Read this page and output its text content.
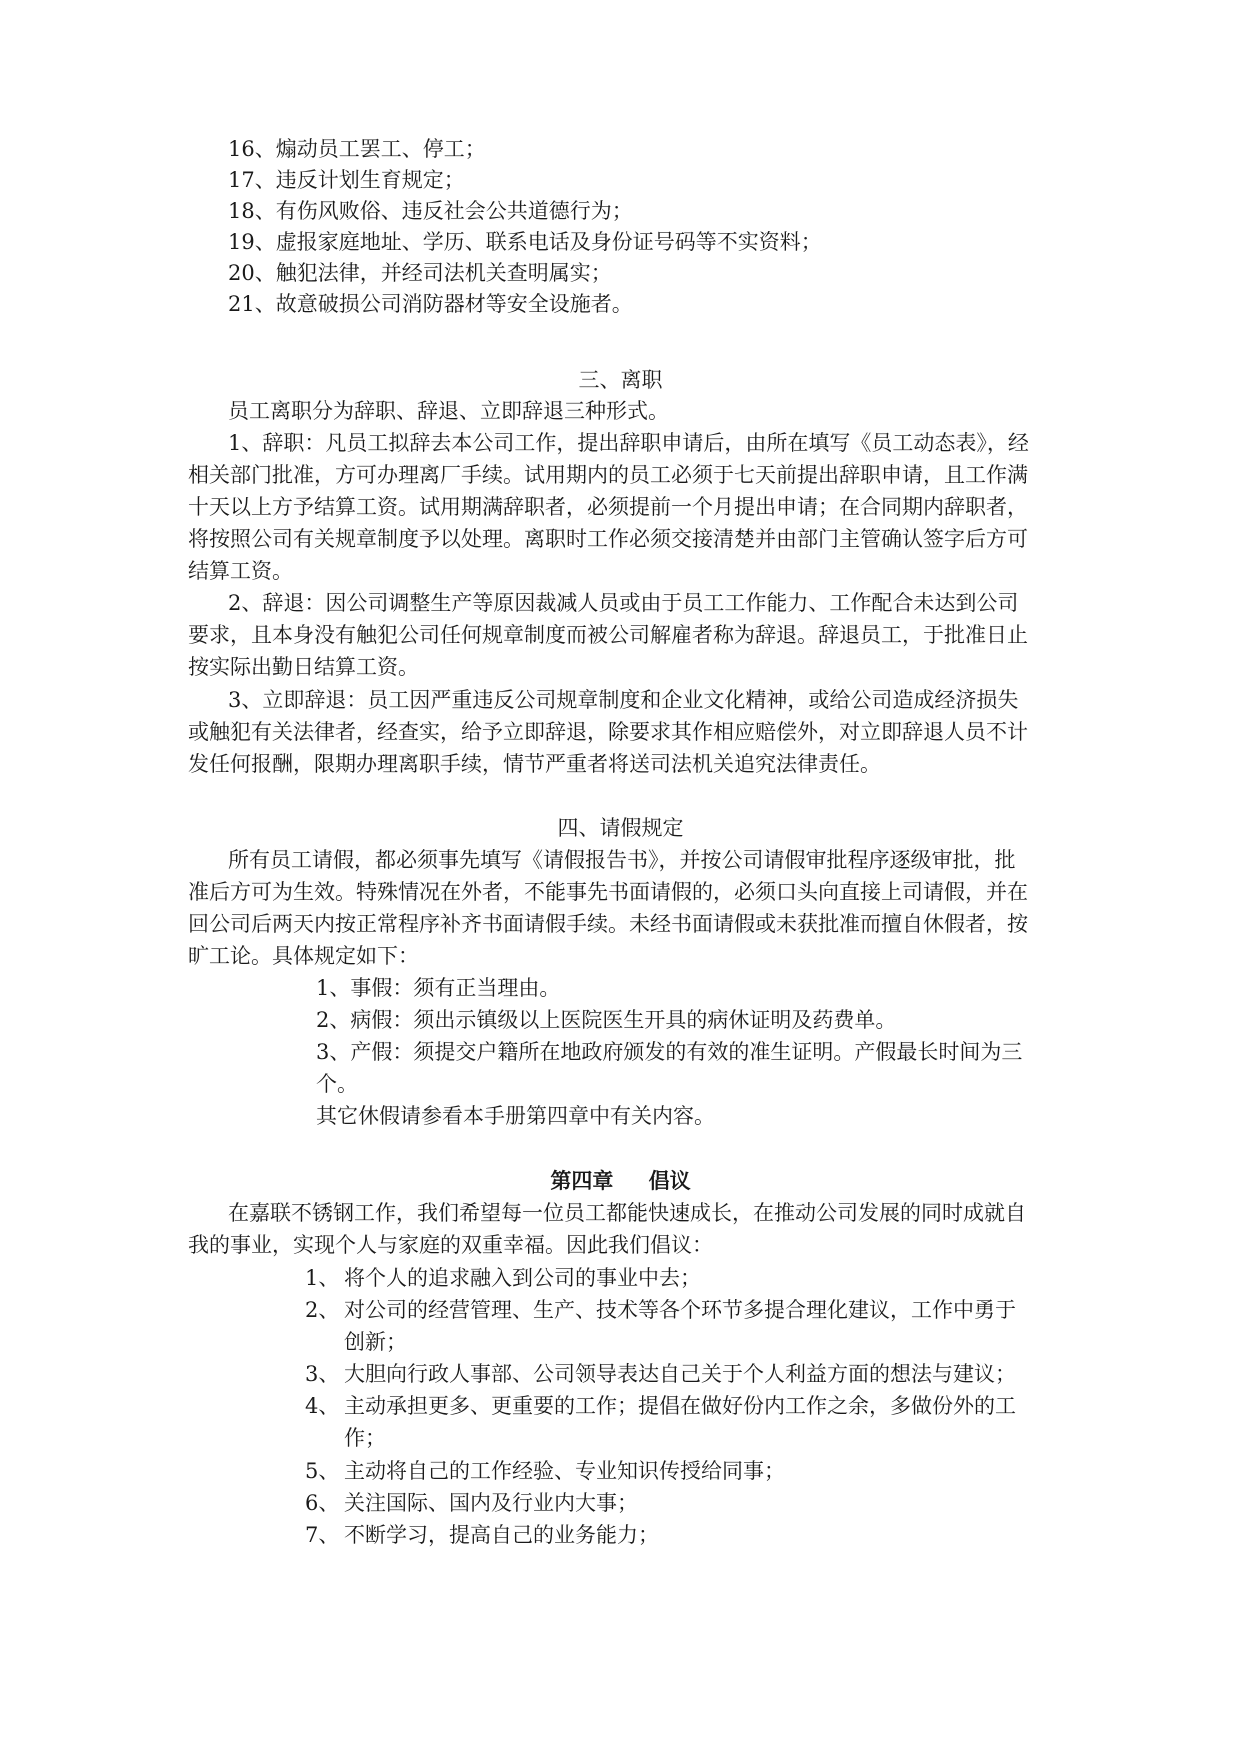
16、煽动员工罢工、停工；
17、违反计划生育规定；
18、有伤风败俗、违反社会公共道德行为；
19、虚报家庭地址、学历、联系电话及身份证号码等不实资料；
20、触犯法律，并经司法机关查明属实；
21、故意破损公司消防器材等安全设施者。
三、离职
员工离职分为辞职、辞退、立即辞退三种形式。
1、辞职：凡员工拟辞去本公司工作，提出辞职申请后，由所在填写《员工动态表》，经
相关部门批准，方可办理离厂手续。试用期内的员工必须于七天前提出辞职申请，且工作满
十天以上方予结算工资。试用期满辞职者，必须提前一个月提出申请；在合同期内辞职者，
将按照公司有关规章制度予以处理。离职时工作必须交接清楚并由部门主管确认签字后方可
结算工资。
2、辞退：因公司调整生产等原因裁减人员或由于员工工作能力、工作配合未达到公司
要求，且本身没有触犯公司任何规章制度而被公司解雇者称为辞退。辞退员工，于批准日止
按实际出勤日结算工资。
3、立即辞退：员工因严重违反公司规章制度和企业文化精神，或给公司造成经济损失
或触犯有关法律者，经查实，给予立即辞退，除要求其作相应赔偿外，对立即辞退人员不计
发任何报酬，限期办理离职手续，情节严重者将送司法机关追究法律责任。
四、请假规定
所有员工请假，都必须事先填写《请假报告书》，并按公司请假审批程序逐级审批，批
准后方可为生效。特殊情况在外者，不能事先书面请假的，必须口头向直接上司请假，并在
回公司后两天内按正常程序补齐书面请假手续。未经书面请假或未获批准而擅自休假者，按
旷工论。具体规定如下：
1、事假：须有正当理由。
2、病假：须出示镇级以上医院医生开具的病休证明及药费单。
3、产假：须提交户籍所在地政府颁发的有效的准生证明。产假最长时间为三
个。
其它休假请参看本手册第四章中有关内容。
第四章 倡议
在嘉联不锈钢工作，我们希望每一位员工都能快速成长，在推动公司发展的同时成就自
我的事业，实现个人与家庭的双重幸福。因此我们倡议：
1、 将个人的追求融入到公司的事业中去；
2、 对公司的经营管理、生产、技术等各个环节多提合理化建议，工作中勇于
创新；
3、 大胆向行政人事部、公司领导表达自己关于个人利益方面的想法与建议；
4、 主动承担更多、更重要的工作；提倡在做好份内工作之余，多做份外的工
作；
5、 主动将自己的工作经验、专业知识传授给同事；
6、 关注国际、国内及行业内大事；
7、 不断学习，提高自己的业务能力；
